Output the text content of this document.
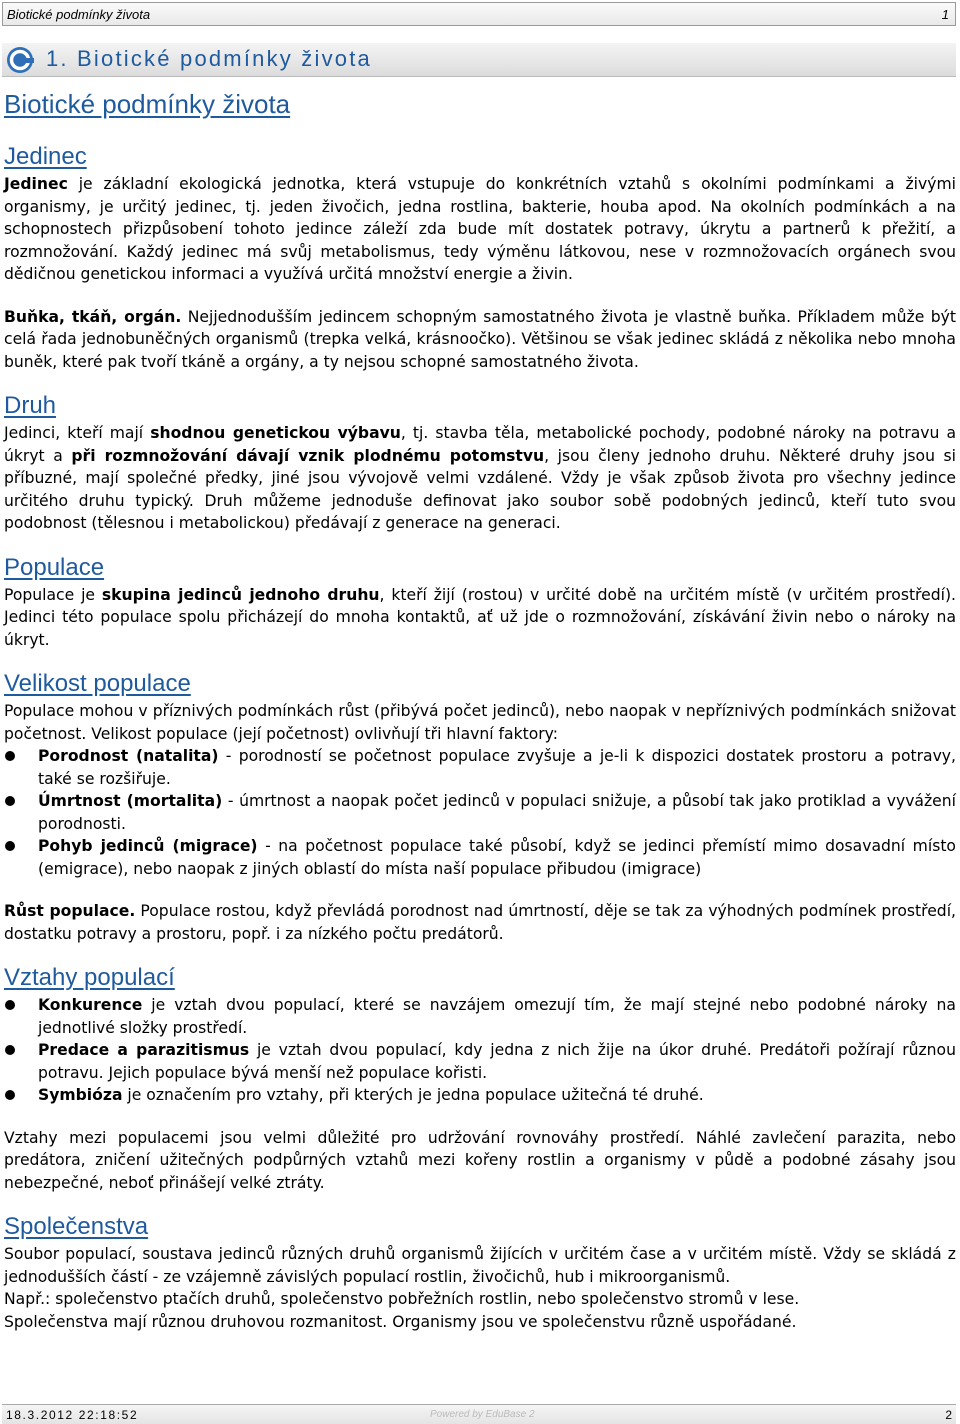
Biotické podmínky života	1
1. Biotické podmínky života
Biotické podmínky života
Jedinec

Jedinec je základní ekologická jednotka, která vstupuje do konkrétních vztahů s okolními podmínkami a živými organismy, je určitý jedinec, tj. jeden živočich, jedna rostlina, bakterie, houba apod. Na okolních podmínkách a na schopnostech přizpůsobení tohoto jedince záleží zda bude mít dostatek potravy, úkrytu a partnerů k přežití, a rozmnožování. Každý jedinec má svůj metabolismus, tedy výměnu látkovou, nese v rozmnožovacích orgánech svou dědičnou genetickou informaci a využívá určitá množství energie a živin.

Buňka, tkáň, orgán. Nejjednodušším jedincem schopným samostatného života je vlastně buňka. Příkladem může být celá řada jednobuněčných organismů (trepka velká, krásnoočko). Většinou se však jedinec skládá z několika nebo mnoha buněk, které pak tvoří tkáně a orgány, a ty nejsou schopné samostatného života.

Druh

Jedinci, kteří mají shodnou genetickou výbavu, tj. stavba těla, metabolické pochody, podobné nároky na potravu a úkryt a při rozmnožování dávají vznik plodnému potomstvu, jsou členy jednoho druhu. Některé druhy jsou si příbuzné, mají společné předky, jiné jsou vývojově velmi vzdálené. Vždy je však způsob života pro všechny jedince určitého druhu typický. Druh můžeme jednoduše definovat jako soubor sobě podobných jedinců, kteří tuto svou podobnost (tělesnou i metabolickou) předávají z generace na generaci.

Populace

Populace je skupina jedinců jednoho druhu, kteří žijí (rostou) v určité době na určitém místě (v určitém prostředí). Jedinci této populace spolu přicházejí do mnoha kontaktů, ať už jde o rozmnožování, získávání živin nebo o nároky na úkryt.

Velikost populace

Populace mohou v příznivých podmínkách růst (přibývá počet jedinců), nebo naopak v nepříznivých podmínkách snižovat početnost. Velikost populace (její početnost) ovlivňují tři hlavní faktory:

Porodnost (natalita) - porodností se početnost populace zvyšuje a je-li k dispozici dostatek prostoru a potravy, také se rozšiřuje.
Úmrtnost (mortalita) - úmrtnost a naopak počet jedinců v populaci snižuje, a působí tak jako protiklad a vyvážení porodnosti.
Pohyb jedinců (migrace) - na početnost populace také působí, když se jedinci přemístí mimo dosavadní místo (emigrace), nebo naopak z jiných oblastí do místa naší populace přibudou (imigrace)

Růst populace. Populace rostou, když převládá porodnost nad úmrtností, děje se tak za výhodných podmínek prostředí, dostatku potravy a prostoru, popř. i za nízkého počtu predátorů.

Vztahy populací
Konkurence je vztah dvou populací, které se navzájem omezují tím, že mají stejné nebo podobné nároky na jednotlivé složky prostředí.
Predace a parazitismus je vztah dvou populací, kdy jedna z nich žije na úkor druhé. Predátoři požírají různou potravu. Jejich populace bývá menší než populace kořisti.
Symbióza je označením pro vztahy, při kterých je jedna populace užitečná té druhé.

Vztahy mezi populacemi jsou velmi důležité pro udržování rovnováhy prostředí. Náhlé zavlečení parazita, nebo predátora, zničení užitečných podpůrných vztahů mezi kořeny rostlin a organismy v půdě a podobné zásahy jsou nebezpečné, neboť přinášejí velké ztráty.

Společenstva

Soubor populací, soustava jedinců různých druhů organismů žijících v určitém čase a v určitém místě. Vždy se skládá z jednodušších částí - ze vzájemně závislých populací rostlin, živočichů, hub i mikroorganismů.

Např.: společenstvo ptačích druhů, společenstvo pobřežních rostlin, nebo společenstvo stromů v lese.

Společenstva mají různou druhovou rozmanitost. Organismy jsou ve společenstvu různě uspořádané.

18.3.2012 22:18:52	Powered by EduBase 2	2
